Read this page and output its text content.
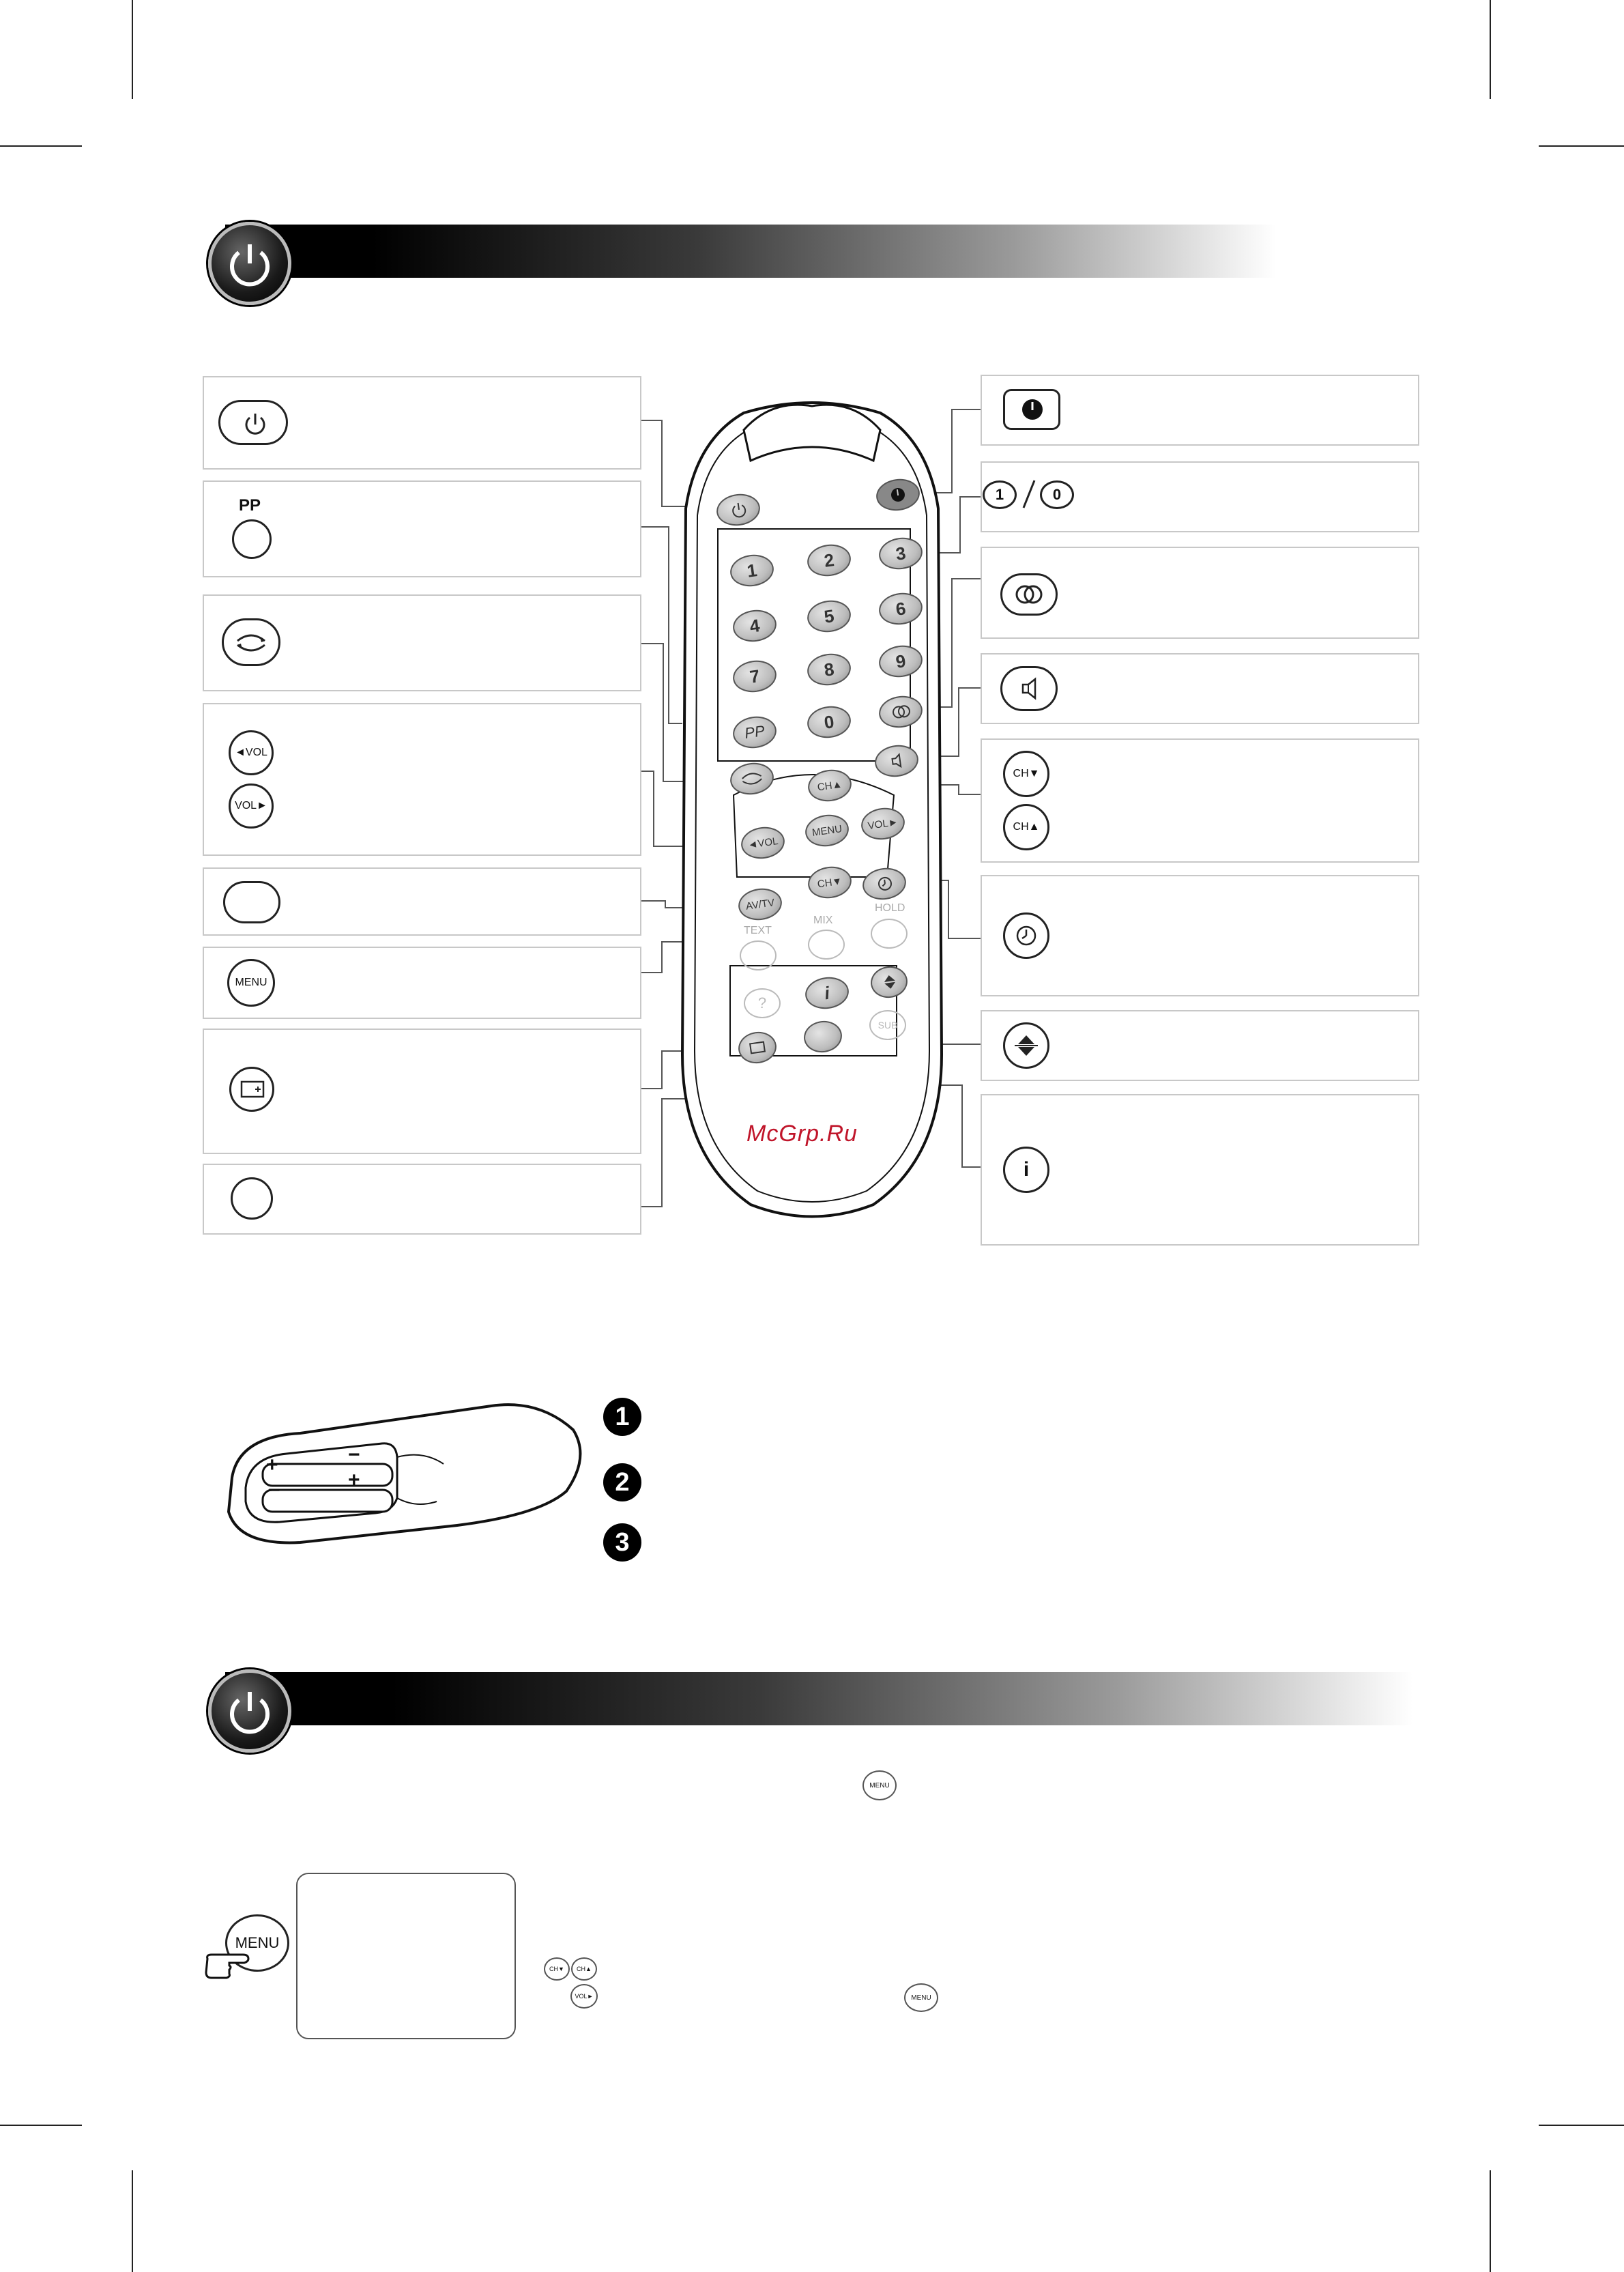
PP
◄VOL
VOL►
MENU
1	0
CH▼
CH▲
i
1	2	3
4	5	6
7	8	9
PP	0
CH▲
◄VOL
MENU	VOL►
CH▼
AV/TV
TEXT
MIX
HOLD
?	i
SUB
McGrp.Ru
+	−
−	+
1
2
3
MENU
MENU
CH▼	CH▲
VOL►	MENU
